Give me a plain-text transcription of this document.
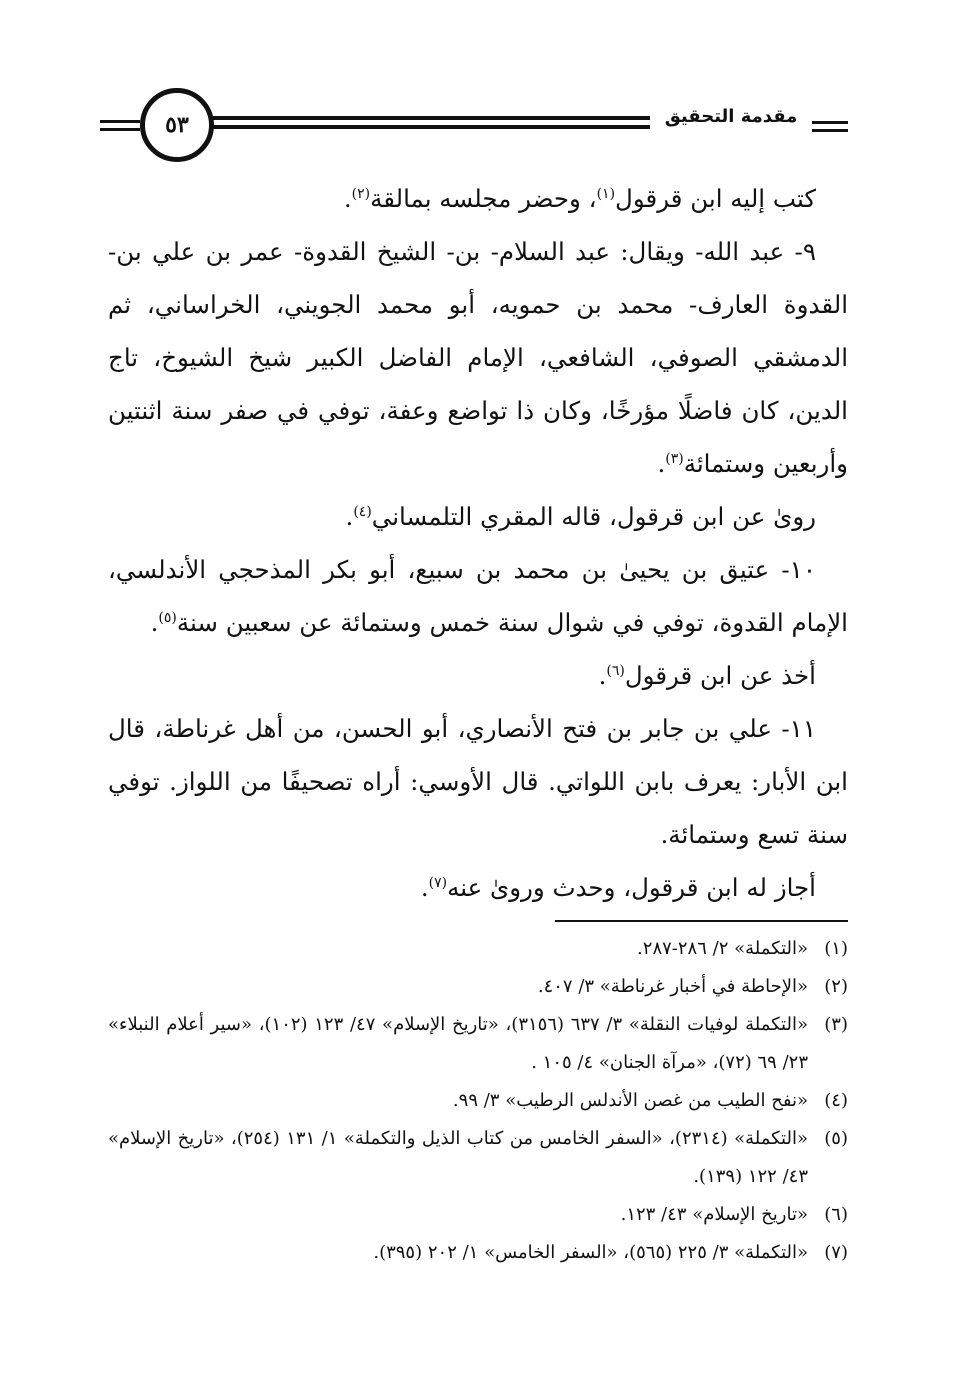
٥٣	مقدمة التحقيق

كتب إليه ابن قرقول$^{(١)}$، وحضر مجلسه بمالقة$^{(٢)}$.

٩- عبد الله- ويقال: عبد السلام- بن- الشيخ القدوة- عمر بن علي بن- القدوة العارف- محمد بن حمويه، أبو محمد الجويني، الخراساني، ثم الدمشقي الصوفي، الشافعي، الإمام الفاضل الكبير شيخ الشيوخ، تاج الدين، كان فاضلًا مؤرخًا، وكان ذا تواضع وعفة، توفي في صفر سنة اثنتين وأربعين وستمائة$^{(٣)}$.

روىٰ عن ابن قرقول، قاله المقري التلمساني$^{(٤)}$.

١٠- عتيق بن يحيىٰ بن محمد بن سبيع، أبو بكر المذحجي الأندلسي، الإمام القدوة، توفي في شوال سنة خمس وستمائة عن سعبين سنة$^{(٥)}$.

أخذ عن ابن قرقول$^{(٦)}$.

١١- علي بن جابر بن فتح الأنصاري، أبو الحسن، من أهل غرناطة، قال ابن الأبار: يعرف بابن اللواتي. قال الأوسي: أراه تصحيفًا من اللواز. توفي سنة تسع وستمائة.

أجاز له ابن قرقول، وحدث وروىٰ عنه$^{(٧)}$.

(١)
«التكملة» ٢/ ٢٨٦-٢٨٧.
(٢)
«الإحاطة في أخبار غرناطة» ٣/ ٤٠٧.
(٣)
«التكملة لوفيات النقلة» ٣/ ٦٣٧ (٣١٥٦)، «تاريخ الإسلام» ٤٧/ ١٢٣ (١٠٢)، «سير أعلام النبلاء» ٢٣/ ٦٩ (٧٢)، «مرآة الجنان» ٤/ ١٠٥ .
(٤)
«نفح الطيب من غصن الأندلس الرطيب» ٣/ ٩٩.
(٥)
«التكملة» (٢٣١٤)، «السفر الخامس من كتاب الذيل والتكملة» ١/ ١٣١ (٢٥٤)، «تاريخ الإسلام» ٤٣/ ١٢٢ (١٣٩).
(٦)
«تاريخ الإسلام» ٤٣/ ١٢٣.
(٧)
«التكملة» ٣/ ٢٢٥ (٥٦٥)، «السفر الخامس» ١/ ٢٠٢ (٣٩٥).
